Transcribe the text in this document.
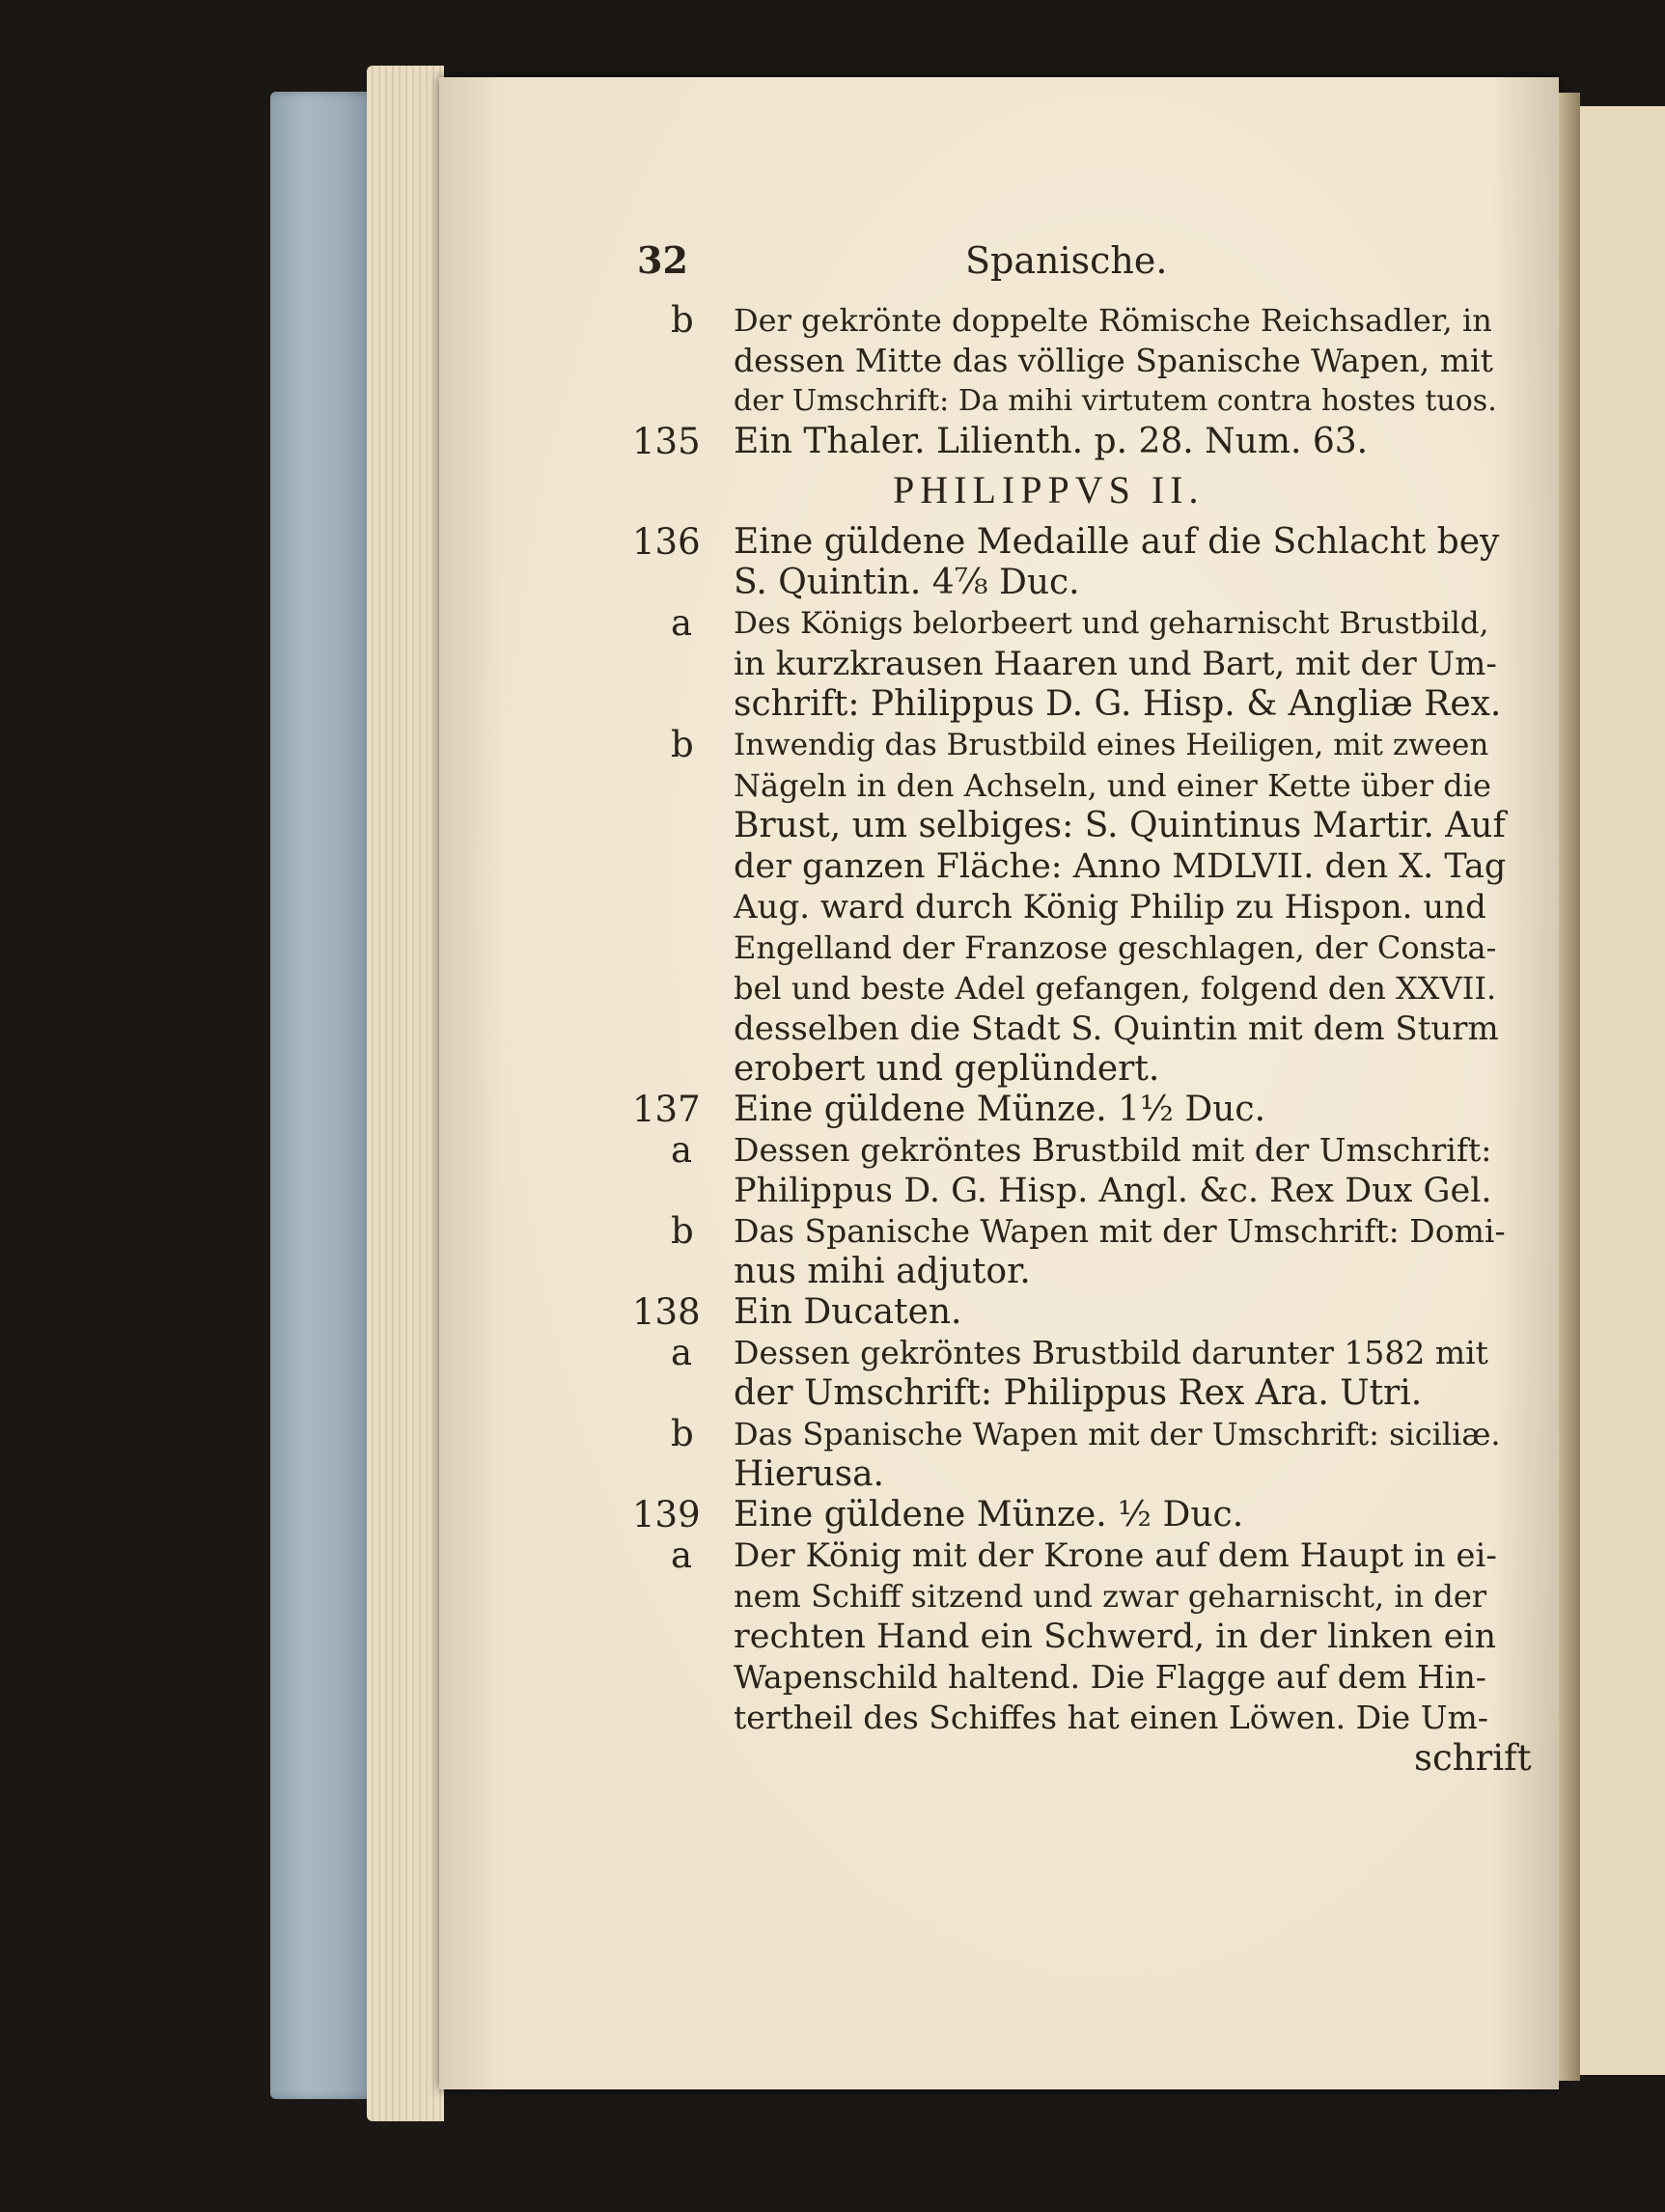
32	Spanische.
b	Der gekrönte doppelte Römische Reichsadler, in
dessen Mitte das völlige Spanische Wapen, mit
der Umschrift: Da mihi virtutem contra hostes tuos.
135 Ein Thaler. Lilienth. p. 28. Num. 63.
PHILIPPVS II.
136 Eine güldene Medaille auf die Schlacht bey
S. Quintin. 4⅞ Duc.
a	Des Königs belorbeert und geharnischt Brustbild,
in kurzkrausen Haaren und Bart, mit der Um-
schrift: Philippus D. G. Hisp. & Angliæ Rex.
b	Inwendig das Brustbild eines Heiligen, mit zween
Nägeln in den Achseln, und einer Kette über die
Brust, um selbiges: S. Quintinus Martir. Auf
der ganzen Fläche: Anno MDLVII. den X. Tag
Aug. ward durch König Philip zu Hispon. und
Engelland der Franzose geschlagen, der Consta-
bel und beste Adel gefangen, folgend den XXVII.
desselben die Stadt S. Quintin mit dem Sturm
erobert und geplündert.
137 Eine güldene Münze. 1½ Duc.
a	Dessen gekröntes Brustbild mit der Umschrift:
Philippus D. G. Hisp. Angl. &c. Rex Dux Gel.
b	Das Spanische Wapen mit der Umschrift: Domi-
nus mihi adjutor.
138 Ein Ducaten.
a	Dessen gekröntes Brustbild darunter 1582 mit
der Umschrift: Philippus Rex Ara. Utri.
b	Das Spanische Wapen mit der Umschrift: siciliæ.
Hierusa.
139 Eine güldene Münze. ½ Duc.
a	Der König mit der Krone auf dem Haupt in ei-
nem Schiff sitzend und zwar geharnischt, in der
rechten Hand ein Schwerd, in der linken ein
Wapenschild haltend. Die Flagge auf dem Hin-
tertheil des Schiffes hat einen Löwen. Die Um-
schrift
